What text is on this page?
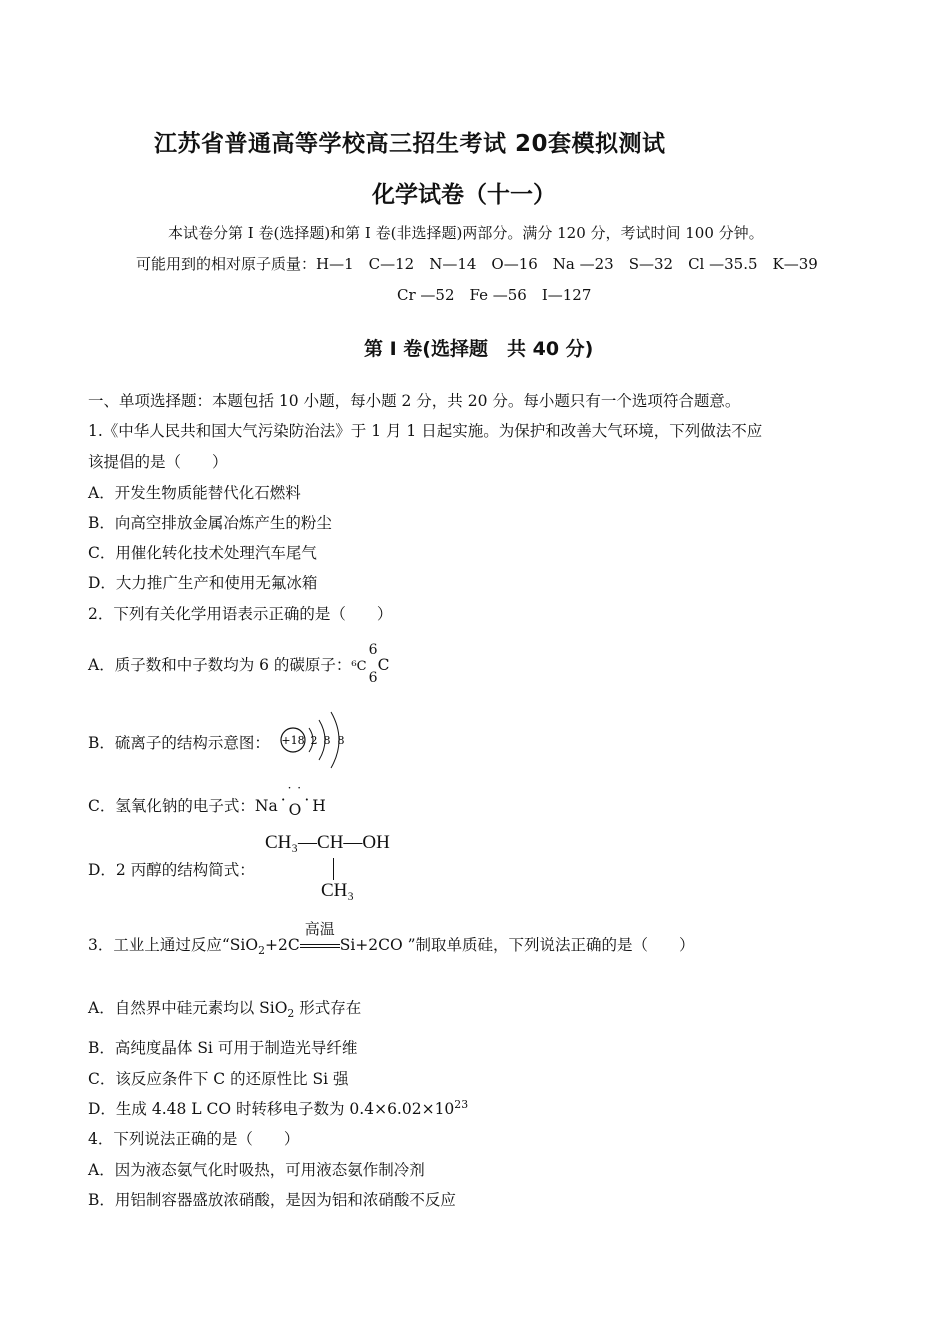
江苏省普通高等学校高三招生考试 20套模拟测试
化学试卷（十一）
本试卷分第 I 卷(选择题)和第 I 卷(非选择题)两部分。满分 120 分，考试时间 100 分钟。
可能用到的相对原子质量：H—1　C—12　N—14　O—16　Na —23　S—32　Cl —35.5　K—39
Cr —52　Fe —56　I—127
第 I 卷(选择题　共 40 分)
一、单项选择题：本题包括 10 小题，每小题 2 分，共 20 分。每小题只有一个选项符合题意。
1.《中华人民共和国大气污染防治法》于 1 月 1 日起实施。为保护和改善大气环境，下列做法不应
该提倡的是（　　）
A．开发生物质能替代化石燃料
B．向高空排放金属冶炼产生的粉尘
C．用催化转化技术处理汽车尾气
D．大力推广生产和使用无氟冰箱
2．下列有关化学用语表示正确的是（　　）
A．质子数和中子数均为 6 的碳原子：⁶C
6
6
C
B．硫离子的结构示意图： +18 2 8 8
C．氢氧化钠的电子式：Na ·
· ·
O· H
D．2 丙醇的结构简式：
CH₃—CH—OH
CH₃
3．工业上通过反应“SiO$_2$+2C
高温
Si+2CO ”制取单质硅，下列说法正确的是（　　）
A．自然界中硅元素均以 SiO$_2$ 形式存在
B．高纯度晶体 Si 可用于制造光导纤维
C．该反应条件下 C 的还原性比 Si 强
D．生成 4.48 L CO 时转移电子数为 $0.4\times 6.02\times 10^{23}$
4．下列说法正确的是（　　）
A．因为液态氨气化时吸热，可用液态氨作制冷剂
B．用铝制容器盛放浓硝酸，是因为铝和浓硝酸不反应
